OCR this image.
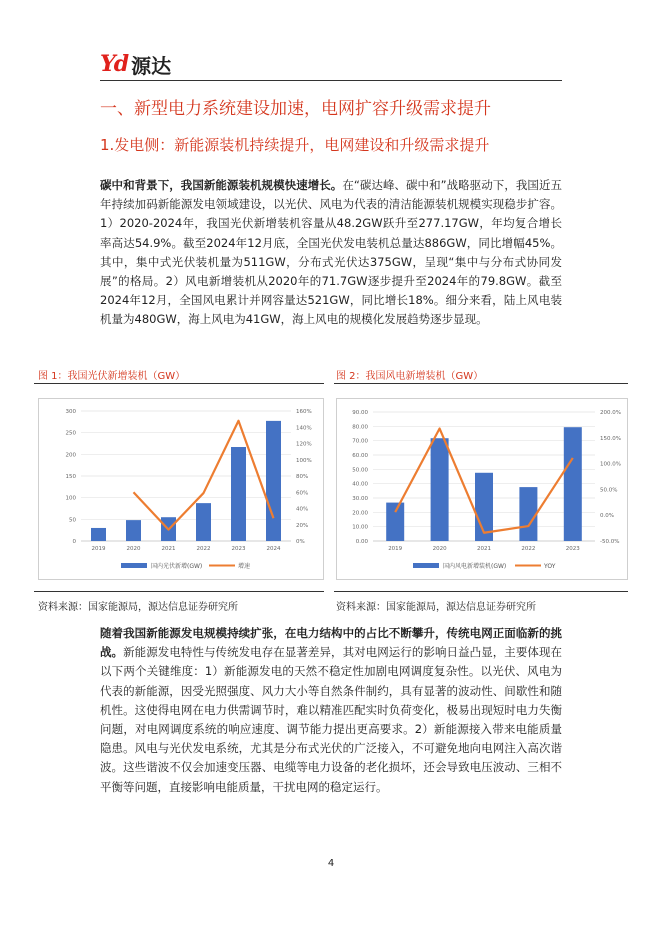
Yd 源达
一、新型电力系统建设加速，电网扩容升级需求提升
1.发电侧：新能源装机持续提升，电网建设和升级需求提升
碳中和背景下，我国新能源装机规模快速增长。在“碳达峰、碳中和”战略驱动下，我国近五年持续加码新能源发电领域建设，以光伏、风电为代表的清洁能源装机规模实现稳步扩容。1）2020-2024年，我国光伏新增装机容量从48.2GW跃升至277.17GW，年均复合增长率高达54.9%。截至2024年12月底，全国光伏发电装机总量达886GW，同比增幅45%。其中，集中式光伏装机量为511GW，分布式光伏达375GW，呈现“集中与分布式协同发展”的格局。2）风电新增装机从2020年的71.7GW逐步提升至2024年的79.8GW。截至2024年12月，全国风电累计并网容量达521GW，同比增长18%。细分来看，陆上风电装机量为480GW，海上风电为41GW，海上风电的规模化发展趋势逐步显现。
图 1：我国光伏新增装机（GW）	图 2：我国风电新增装机（GW）
0
50
100
150
200
250
300
0%
20%
40%
60%
80%
100%
120%
140%
160%
2019	2020	2021	2022	2023	2024
国内光伏新增(GW)	增速
0.00
10.00
20.00
30.00
40.00
50.00
60.00
70.00
80.00
90.00
-50.0%
0.0%
50.0%
100.0%
150.0%
200.0%
2019	2020	2021	2022	2023
国内风电新增装机(GW)	YOY
资料来源：国家能源局，源达信息证券研究所	资料来源：国家能源局，源达信息证券研究所
随着我国新能源发电规模持续扩张，在电力结构中的占比不断攀升，传统电网正面临新的挑战。新能源发电特性与传统发电存在显著差异，其对电网运行的影响日益凸显，主要体现在以下两个关键维度：1）新能源发电的天然不稳定性加剧电网调度复杂性。以光伏、风电为代表的新能源，因受光照强度、风力大小等自然条件制约，具有显著的波动性、间歇性和随机性。这使得电网在电力供需调节时，难以精准匹配实时负荷变化，极易出现短时电力失衡问题，对电网调度系统的响应速度、调节能力提出更高要求。2）新能源接入带来电能质量隐患。风电与光伏发电系统，尤其是分布式光伏的广泛接入，不可避免地向电网注入高次谐波。这些谐波不仅会加速变压器、电缆等电力设备的老化损坏，还会导致电压波动、三相不平衡等问题，直接影响电能质量，干扰电网的稳定运行。
4
